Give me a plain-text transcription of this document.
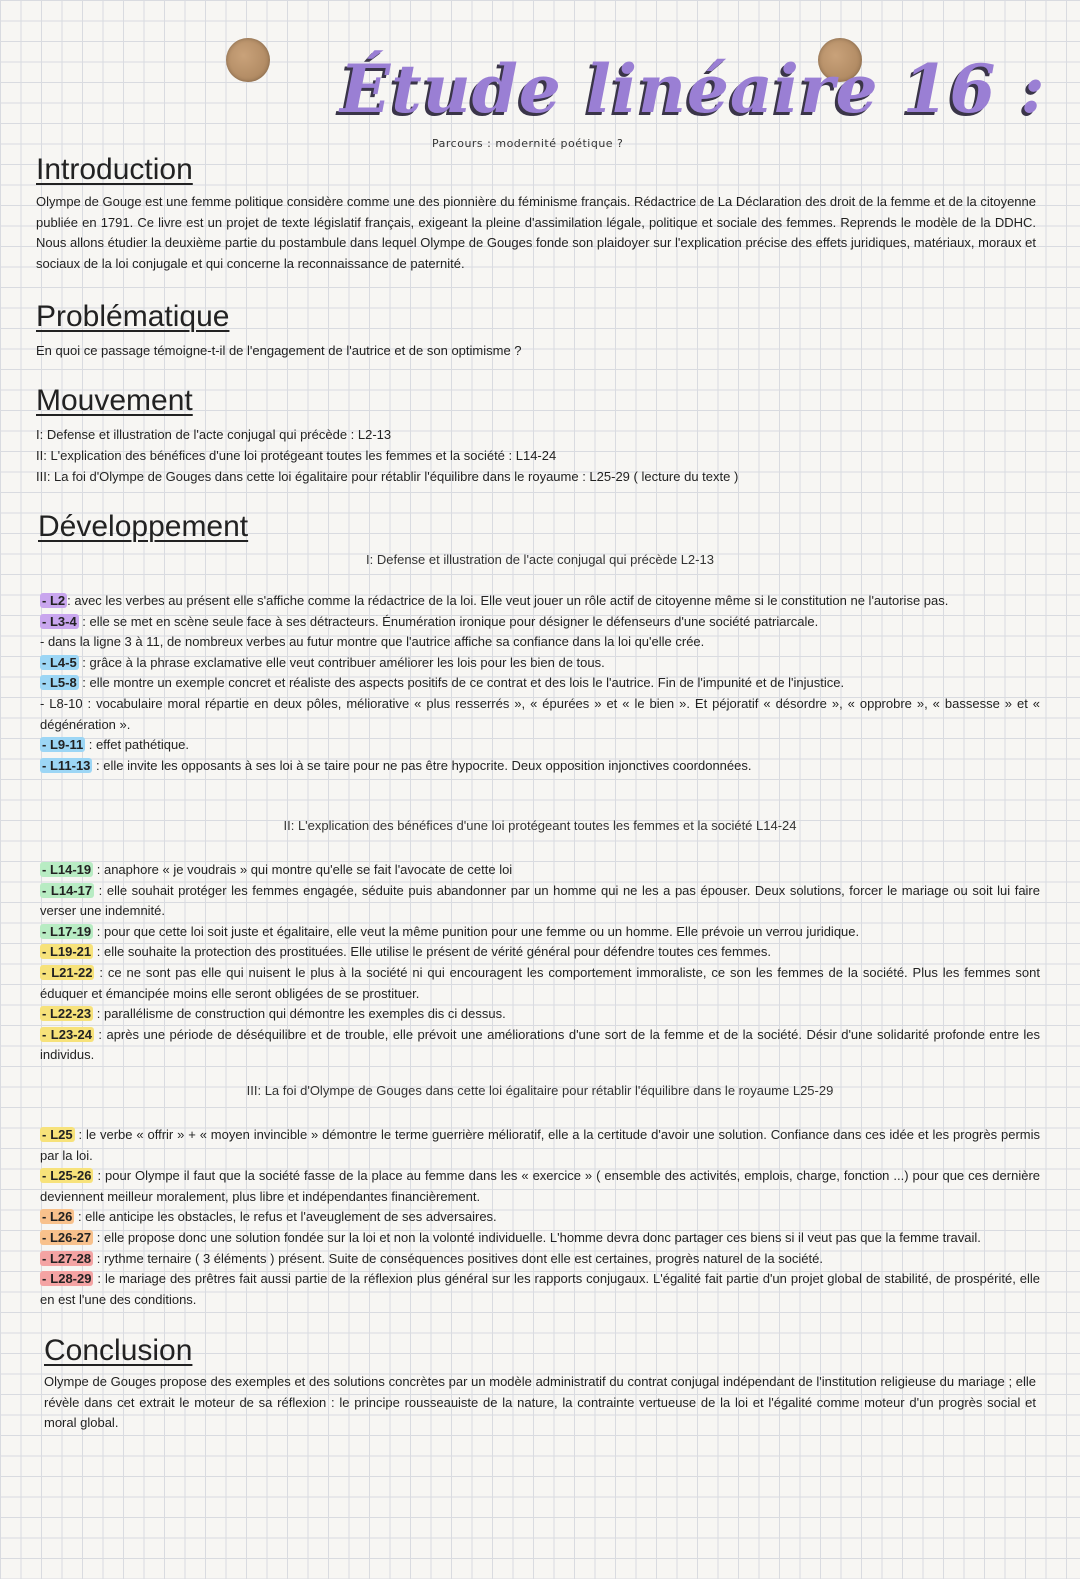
Étude linéaire 16 :
Parcours : modernité poétique ?
Introduction

Olympe de Gouge est une femme politique considère comme une des pionnière du féminisme français. Rédactrice de La Déclaration des droit de la femme et de la citoyenne publiée en 1791. Ce livre est un projet de texte législatif français, exigeant la pleine d'assimilation légale, politique et sociale des femmes. Reprends le modèle de la DDHC. Nous allons étudier la deuxième partie du postambule dans lequel Olympe de Gouges fonde son plaidoyer sur l'explication précise des effets juridiques, matériaux, moraux et sociaux de la loi conjugale et qui concerne la reconnaissance de paternité.

Problématique

En quoi ce passage témoigne-t-il de l'engagement de l'autrice et de son optimisme ?

Mouvement
I: Defense et illustration de l'acte conjugal qui précède : L2-13
II: L'explication des bénéfices d'une loi protégeant toutes les femmes et la société : L14-24
III: La foi d'Olympe de Gouges dans cette loi égalitaire pour rétablir l'équilibre dans le royaume : L25-29 ( lecture du texte )
Développement
I: Defense et illustration de l'acte conjugal qui précède L2-13
- L2 : avec les verbes au présent elle s'affiche comme la rédactrice de la loi. Elle veut jouer un rôle actif de citoyenne même si le constitution ne l'autorise pas.
- L3-4 : elle se met en scène seule face à ses détracteurs. Énumération ironique pour désigner le défenseurs d'une société patriarcale.
- dans la ligne 3 à 11, de nombreux verbes au futur montre que l'autrice affiche sa confiance dans la loi qu'elle crée.
- L4-5 : grâce à la phrase exclamative elle veut contribuer améliorer les lois pour les bien de tous.
- L5-8 : elle montre un exemple concret et réaliste des aspects positifs de ce contrat et des lois le l'autrice. Fin de l'impunité et de l'injustice.
- L8-10 : vocabulaire moral répartie en deux pôles, méliorative « plus resserrés », « épurées » et « le bien ». Et péjoratif « désordre », « opprobre », « bassesse » et « dégénération ».
- L9-11 : effet pathétique.
- L11-13 : elle invite les opposants à ses loi à se taire pour ne pas être hypocrite. Deux opposition injonctives coordonnées.
II: L'explication des bénéfices d'une loi protégeant toutes les femmes et la société L14-24
- L14-19 : anaphore « je voudrais » qui montre qu'elle se fait l'avocate de cette loi
- L14-17 : elle souhait protéger les femmes engagée, séduite puis abandonner par un homme qui ne les a pas épouser. Deux solutions, forcer le mariage ou soit lui faire verser une indemnité.
- L17-19 : pour que cette loi soit juste et égalitaire, elle veut la même punition pour une femme ou un homme. Elle prévoie un verrou juridique.
- L19-21 : elle souhaite la protection des prostituées. Elle utilise le présent de vérité général pour défendre toutes ces femmes.
- L21-22 : ce ne sont pas elle qui nuisent le plus à la société ni qui encouragent les comportement immoraliste, ce son les femmes de la société. Plus les femmes sont éduquer et émancipée moins elle seront obligées de se prostituer.
- L22-23 : parallélisme de construction qui démontre les exemples dis ci dessus.
- L23-24 : après une période de déséquilibre et de trouble, elle prévoit une améliorations d'une sort de la femme et de la société. Désir d'une solidarité profonde entre les individus.
III: La foi d'Olympe de Gouges dans cette loi égalitaire pour rétablir l'équilibre dans le royaume L25-29
- L25 : le verbe « offrir » + « moyen invincible » démontre le terme guerrière mélioratif, elle a la certitude d'avoir une solution. Confiance dans ces idée et les progrès permis par la loi.
- L25-26 : pour Olympe il faut que la société fasse de la place au femme dans les « exercice » ( ensemble des activités, emplois, charge, fonction ...) pour que ces dernière deviennent meilleur moralement, plus libre et indépendantes financièrement.
- L26 : elle anticipe les obstacles, le refus et l'aveuglement de ses adversaires.
- L26-27 : elle propose donc une solution fondée sur la loi et non la volonté individuelle. L'homme devra donc partager ces biens si il veut pas que la femme travail.
- L27-28 : rythme ternaire ( 3 éléments ) présent. Suite de conséquences positives dont elle est certaines, progrès naturel de la société.
- L28-29 : le mariage des prêtres fait aussi partie de la réflexion plus général sur les rapports conjugaux. L'égalité fait partie d'un projet global de stabilité, de prospérité, elle en est l'une des conditions.
Conclusion

Olympe de Gouges propose des exemples et des solutions concrètes par un modèle administratif du contrat conjugal indépendant de l'institution religieuse du mariage ; elle révèle dans cet extrait le moteur de sa réflexion : le principe rousseauiste de la nature, la contrainte vertueuse de la loi et l'égalité comme moteur d'un progrès social et moral global.
